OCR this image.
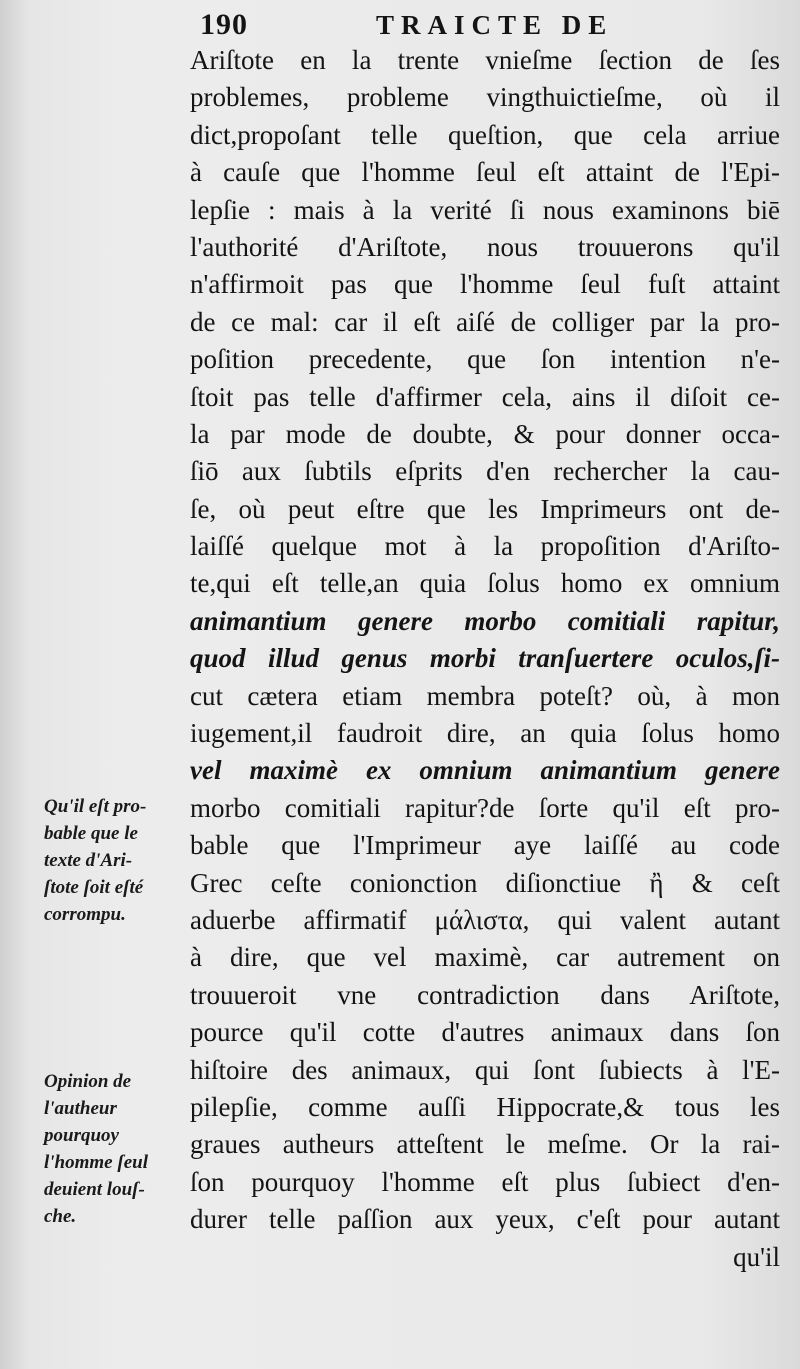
190	TRAICTE DE
Ariſtote en la trente vnieſme ſection de ſes
problemes, probleme vingthuictieſme, où il
dict,propoſant telle queſtion, que cela arriue
à cauſe que l'homme ſeul eſt attaint de l'Epi-
lepſie : mais à la verité ſi nous examinons biē
l'authorité d'Ariſtote, nous trouuerons qu'il
n'affirmoit pas que l'homme ſeul fuſt attaint
de ce mal: car il eſt aiſé de colliger par la pro-
poſition precedente, que ſon intention n'e-
ſtoit pas telle d'affirmer cela, ains il diſoit ce-
la par mode de doubte, & pour donner occa-
ſiō aux ſubtils eſprits d'en rechercher la cau-
ſe, où peut eſtre que les Imprimeurs ont de-
laiſſé quelque mot à la propoſition d'Ariſto-
te,qui eſt telle,an quia ſolus homo ex omnium
animantium genere morbo comitiali rapitur,
quod illud genus morbi tranſuertere oculos,ſi-
cut cætera etiam membra poteſt? où, à mon
iugement,il faudroit dire, an quia ſolus homo
vel maximè ex omnium animantium genere
morbo comitiali rapitur?de ſorte qu'il eſt pro-
bable que l'Imprimeur aye laiſſé au code
Grec ceſte conionction diſionctiue ἢ & ceſt
aduerbe affirmatif μάλιστα, qui valent autant
à dire, que vel maximè, car autrement on
trouueroit vne contradiction dans Ariſtote,
pource qu'il cotte d'autres animaux dans ſon
hiſtoire des animaux, qui ſont ſubiects à l'E-
pilepſie, comme auſſi Hippocrate,& tous les
graues autheurs atteſtent le meſme. Or la rai-
ſon pourquoy l'homme eſt plus ſubiect d'en-
durer telle paſſion aux yeux, c'eſt pour autant
qu'il
Qu'il eſt pro-
bable que le
texte d'Ari-
ſtote ſoit eſté
corrompu.
Opinion de
l'autheur
pourquoy
l'homme ſeul
deuient louſ-
che.
